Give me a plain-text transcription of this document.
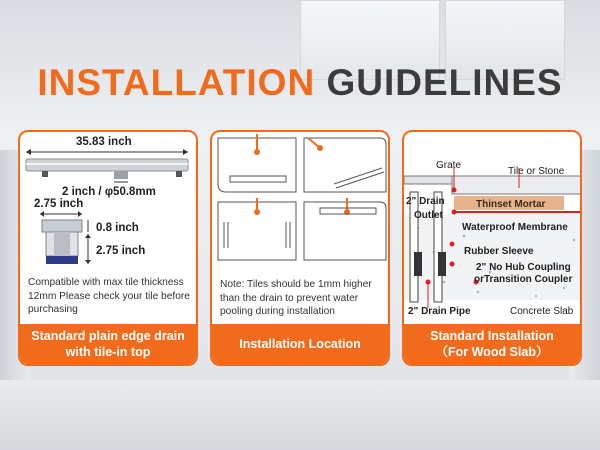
INSTALLATION GUIDELINES
35.83 inch
2 inch / φ50.8mm
2.75 inch
0.8 inch
2.75 inch
Compatible with max tile thickness 12mm Please check your tile before purchasing
Standard plain edge drain
with tile-in top
Note: Tiles should be 1mm higher than the drain to prevent water pooling during installation
Installation Location
Grate
Tile or Stone
2" Drain
Outlet
Thinset Mortar
Waterproof Membrane
Rubber Sleeve
2" No Hub Coupling
orTransition Coupler
2" Drain Pipe	Concrete Slab
Standard Installation
（For Wood Slab）
